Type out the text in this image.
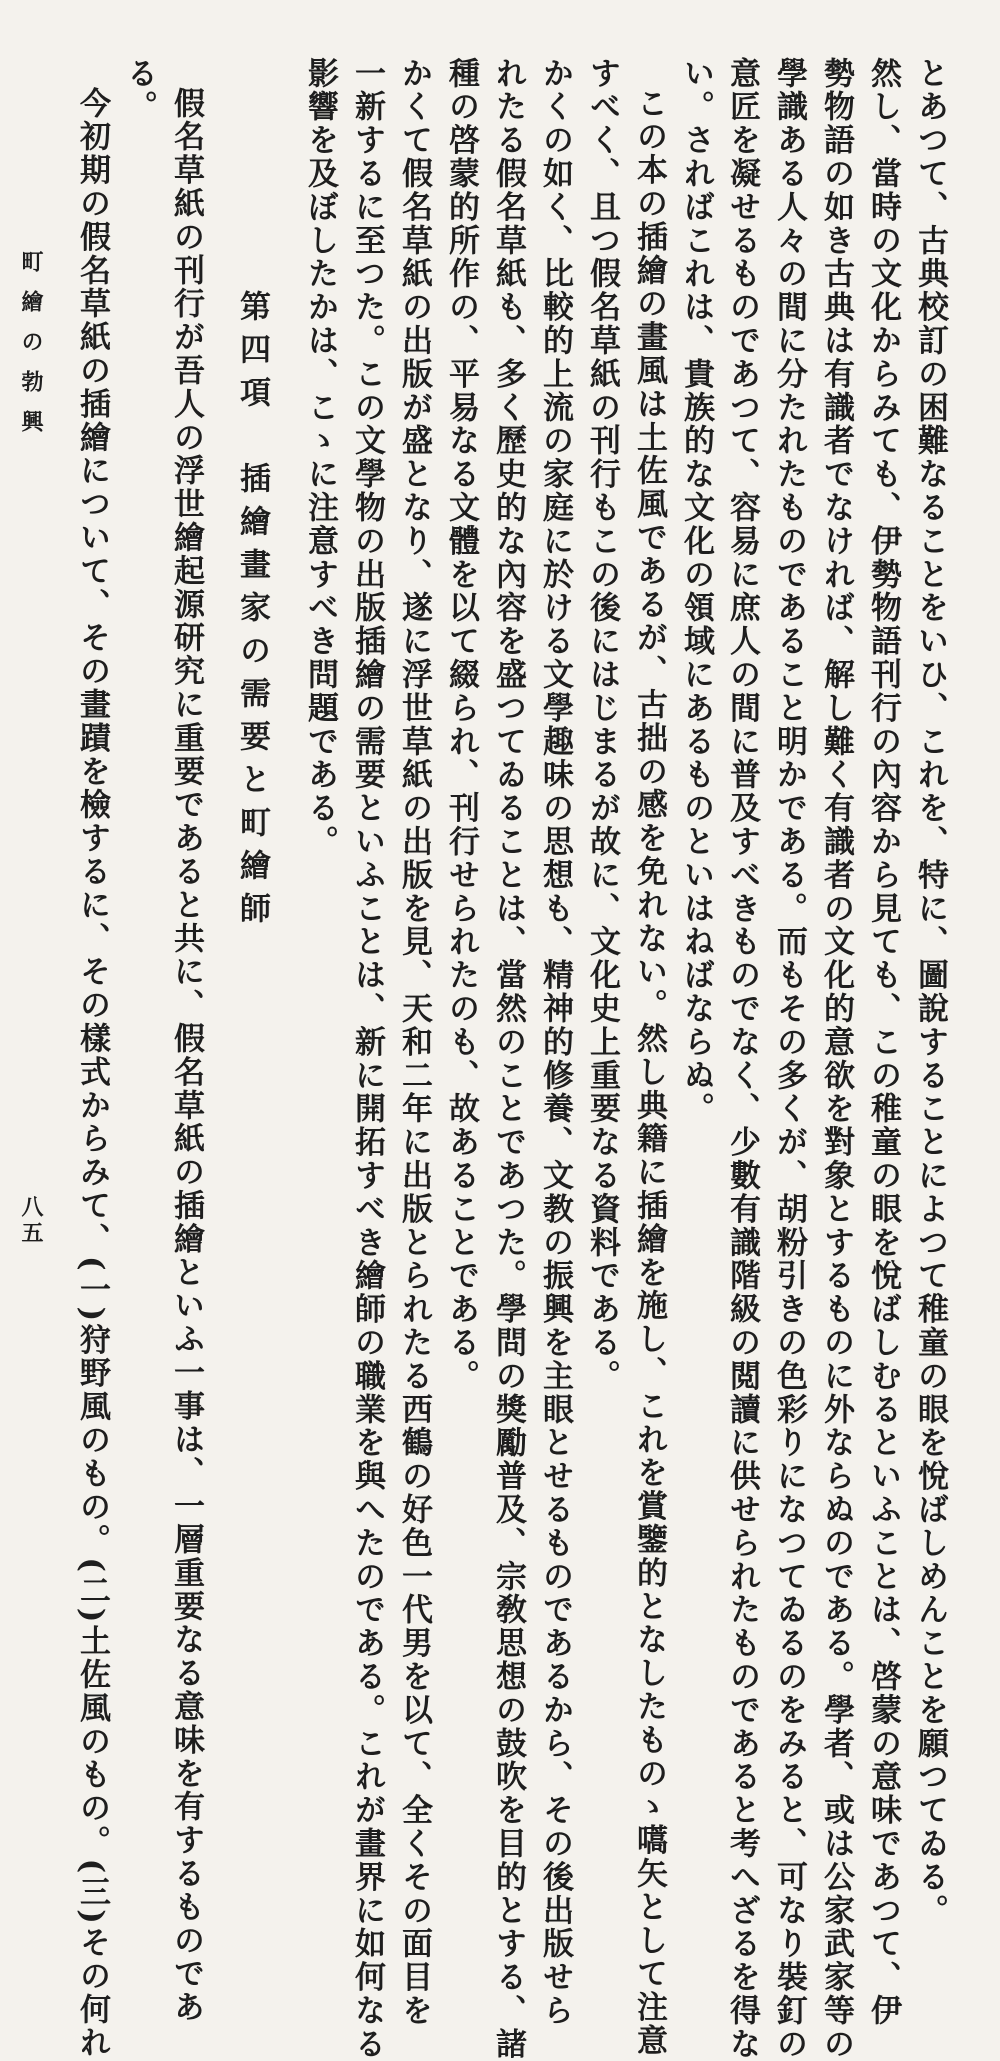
とあつて、古典校訂の困難なることをいひ、これを、特に、圖說することによつて稚童の眼を悅ばしめんことを願つてゐる。
然し、當時の文化からみても、伊勢物語刊行の內容から見ても、この稚童の眼を悅ばしむるといふことは、啓蒙の意味であつて、伊
勢物語の如き古典は有識者でなければ、解し難く有識者の文化的意欲を對象とするものに外ならぬのである。學者、或は公家武家等の
學識ある人々の間に分たれたものであること明かである。而もその多くが、胡粉引きの色彩りになつてゐるのをみると、可なり裝釘の
意匠を凝せるものであつて、容易に庶人の間に普及すべきものでなく、少數有識階級の閲讀に供せられたものであると考へざるを得な
い。さればこれは、貴族的な文化の領域にあるものといはねばならぬ。
この本の插繪の畫風は土佐風であるが、古拙の感を免れない。然し典籍に插繪を施し、これを賞鑒的となしたものゝ嚆矢として注意
すべく、且つ假名草紙の刊行もこの後にはじまるが故に、文化史上重要なる資料である。
かくの如く、比較的上流の家庭に於ける文學趣味の思想も、精神的修養、文教の振興を主眼とせるものであるから、その後出版せら
れたる假名草紙も、多く歷史的な內容を盛つてゐることは、當然のことであつた。學問の獎勵普及、宗敎思想の鼓吹を目的とする、諸
種の啓蒙的所作の、平易なる文體を以て綴られ、刊行せられたのも、故あることである。
かくて假名草紙の出版が盛となり、遂に浮世草紙の出版を見、天和二年に出版とられたる西鶴の好色一代男を以て、全くその面目を
一新するに至つた。この文學物の出版插繪の需要といふことは、新に開拓すべき繪師の職業を與へたのである。これが畫界に如何なる
影響を及ぼしたかは、こゝに注意すべき問題である。
第四項　插繪畫家の需要と町繪師
假名草紙の刊行が吾人の浮世繪起源研究に重要であると共に、假名草紙の插繪といふ一事は、一層重要なる意味を有するものであ
る。
今初期の假名草紙の插繪について、その畫蹟を檢するに、その樣式からみて、(一)狩野風のもの。(二)土佐風のもの。(三)その何れ
町繪の勃興
八五
